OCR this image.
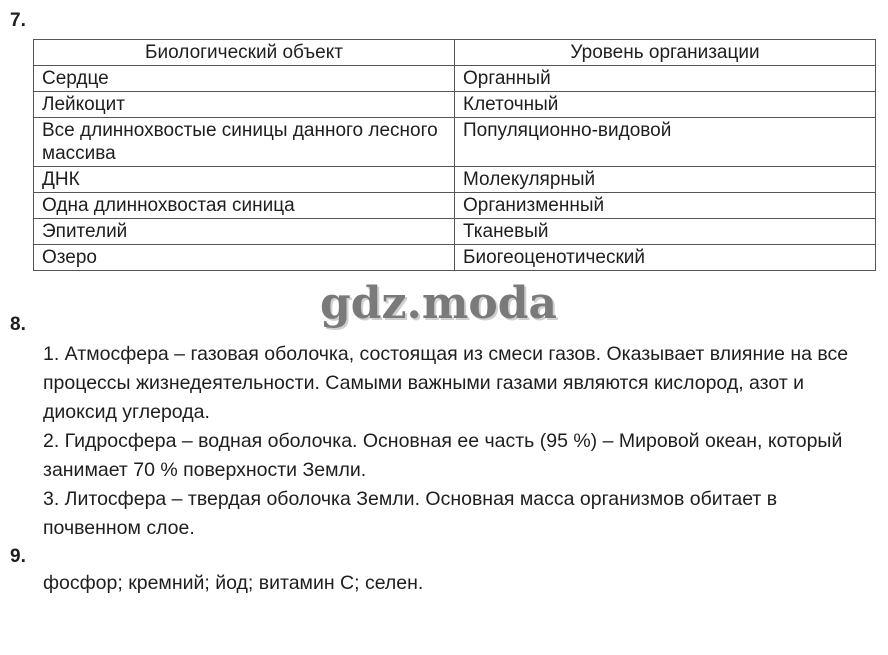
7.
Биологический объект	Уровень организации
Сердце	Органный
Лейкоцит	Клеточный
Все длиннохвостые синицы данного лесного массива	Популяционно-видовой
ДНК	Молекулярный
Одна длиннохвостая синица	Организменный
Эпителий	Тканевый
Озеро	Биогеоценотический
gdz.moda
8.

1. Атмосфера – газовая оболочка, состоящая из смеси газов. Оказывает влияние на все процессы жизнедеятельности. Самыми важными газами являются кислород, азот и диоксид углерода.

2. Гидросфера – водная оболочка. Основная ее часть (95 %) – Мировой океан, который занимает 70 % поверхности Земли.

3. Литосфера – твердая оболочка Земли. Основная масса организмов обитает в почвенном слое.

9.

фосфор; кремний; йод; витамин С; селен.
